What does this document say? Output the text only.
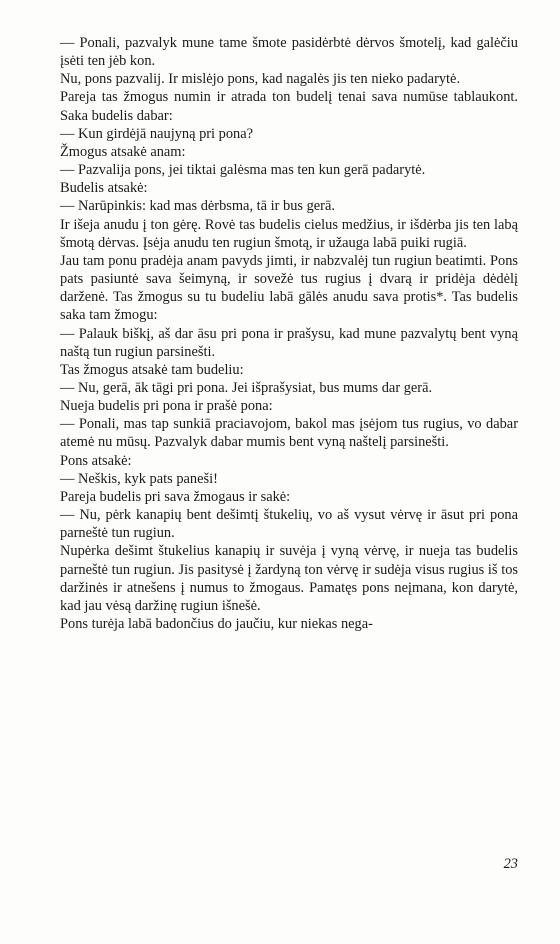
— Ponali, pazvalyk mune tame šmote pasidėrbtė dėrvos šmotelį, kad galėčiu įsėti ten jėb kon.

Nu, pons pazvalij. Ir mislėjo pons, kad nagalės jis ten nieko padarytė.

Pareja tas žmogus numin ir atrada ton budelį tenai sava numūse tablaukont. Saka budelis dabar:

— Kun girdėjā naujyną pri pona?

Žmogus atsakė anam:

— Pazvalija pons, jei tiktai galėsma mas ten kun gerā padarytė.

Budelis atsakė:

— Narūpinkis: kad mas dėrbsma, tā ir bus gerā.

Ir išeja anudu į ton gėrę. Rovė tas budelis cielus medžius, ir išdėrba jis ten labą šmotą dėrvas. Įsėja anudu ten rugiun šmotą, ir užauga labā puiki rugiā.

Jau tam ponu pradėja anam pavyds jimti, ir nabzvalėj tun rugiun beatimti. Pons pats pasiuntė sava šeimyną, ir sovežė tus rugius į dvarą ir pridėja dėdėlį darženė. Tas žmogus su tu budeliu labā gālės anudu sava protis*. Tas budelis saka tam žmogu:

— Palauk biškį, aš dar āsu pri pona ir prašysu, kad mune pazvalytų bent vyną naštą tun rugiun parsinešti.

Tas žmogus atsakė tam budeliu:

— Nu, gerā, āk tāgi pri pona. Jei išprašysiat, bus mums dar gerā.

Nueja budelis pri pona ir prašė pona:

— Ponali, mas tap sunkiā praciavojom, bakol mas įsėjom tus rugius, vo dabar atemė nu mūsų. Pazvalyk dabar mumis bent vyną naštelį parsinešti.

Pons atsakė:

— Neškis, kyk pats paneši!

Pareja budelis pri sava žmogaus ir sakė:

— Nu, pėrk kanapių bent dešimtį štukelių, vo aš vysut vėrvę ir āsut pri pona parneštė tun rugiun.

Nupėrka dešimt štukelius kanapių ir suvėja į vyną vėrvę, ir nueja tas budelis parneštė tun rugiun. Jis pasitysė į žardyną ton vėrvę ir sudėja visus rugius iš tos daržinės ir atnešens į numus to žmogaus. Pamatęs pons neįmana, kon darytė, kad jau vėsą daržinę rugiun išnešė.

Pons turėja labā badončius do jaučiu, kur niekas nega-

23
